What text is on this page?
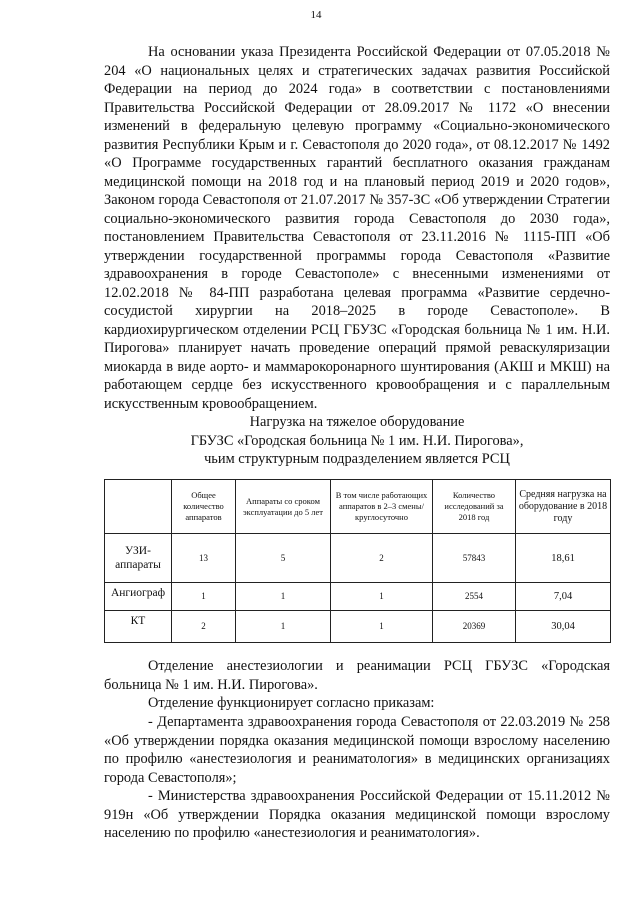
14

На основании указа Президента Российской Федерации от 07.05.2018 № 204 «О национальных целях и стратегических задачах развития Российской Федерации на период до 2024 года» в соответствии с постановлениями Правительства Российской Федерации от 28.09.2017 № 1172 «О внесении изменений в федеральную целевую программу «Социально-экономического развития Республики Крым и г. Севастополя до 2020 года», от 08.12.2017 № 1492 «О Программе государственных гарантий бесплатного оказания гражданам медицинской помощи на 2018 год и на плановый период 2019 и 2020 годов», Законом города Севастополя от 21.07.2017 № 357-ЗС «Об утверждении Стратегии социально-экономического развития города Севастополя до 2030 года», постановлением Правительства Севастополя от 23.11.2016 № 1115-ПП «Об утверждении государственной программы города Севастополя «Развитие здравоохранения в городе Севастополе» с внесенными изменениями от 12.02.2018 № 84-ПП разработана целевая программа «Развитие сердечно-сосудистой хирургии на 2018–2025 в городе Севастополе». В кардиохирургическом отделении РСЦ ГБУЗС «Городская больница № 1 им. Н.И. Пирогова» планирует начать проведение операций прямой реваскуляризации миокарда в виде аорто- и маммарокоронарного шунтирования (АКШ и МКШ) на работающем сердце без искусственного кровообращения и с параллельным искусственным кровообращением.

Нагрузка на тяжелое оборудование
ГБУЗС «Городская больница № 1 им. Н.И. Пирогова»,
чьим структурным подразделением является РСЦ
	Общее количество аппаратов	Аппараты со сроком эксплуатации до 5 лет	В том числе работающих аппаратов в 2–3 смены/круглосуточно	Количество исследований за 2018 год	Средняя нагрузка на оборудование в 2018 году
УЗИ-аппараты	13	5	2	57843	18,61
Ангиограф	1	1	1	2554	7,04
КТ	2	1	1	20369	30,04

Отделение анестезиологии и реанимации РСЦ ГБУЗС «Городская больница № 1 им. Н.И. Пирогова».

Отделение функционирует согласно приказам:

- Департамента здравоохранения города Севастополя от 22.03.2019 № 258 «Об утверждении порядка оказания медицинской помощи взрослому населению по профилю «анестезиология и реаниматология» в медицинских организациях города Севастополя»;

- Министерства здравоохранения Российской Федерации от 15.11.2012 № 919н «Об утверждении Порядка оказания медицинской помощи взрослому населению по профилю «анестезиология и реаниматология».
